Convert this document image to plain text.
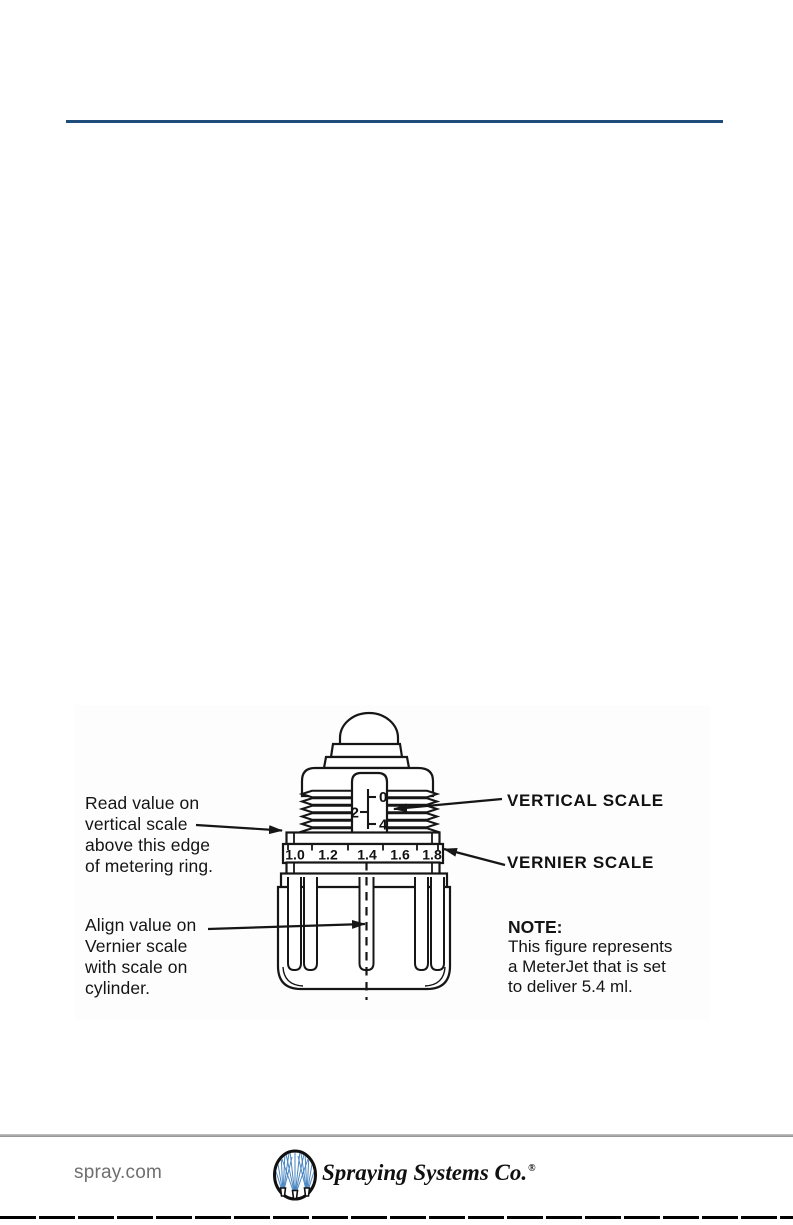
0
2
4
1.0 1.2 1.4 1.6 1.8
Read value on
vertical scale
above this edge
of metering ring.
Align value on
Vernier scale
with scale on
cylinder.
VERTICAL SCALE
VERNIER SCALE
NOTE:
This figure represents
a MeterJet that is set
to deliver 5.4 ml.
spray.com	Spraying Systems Co.®
